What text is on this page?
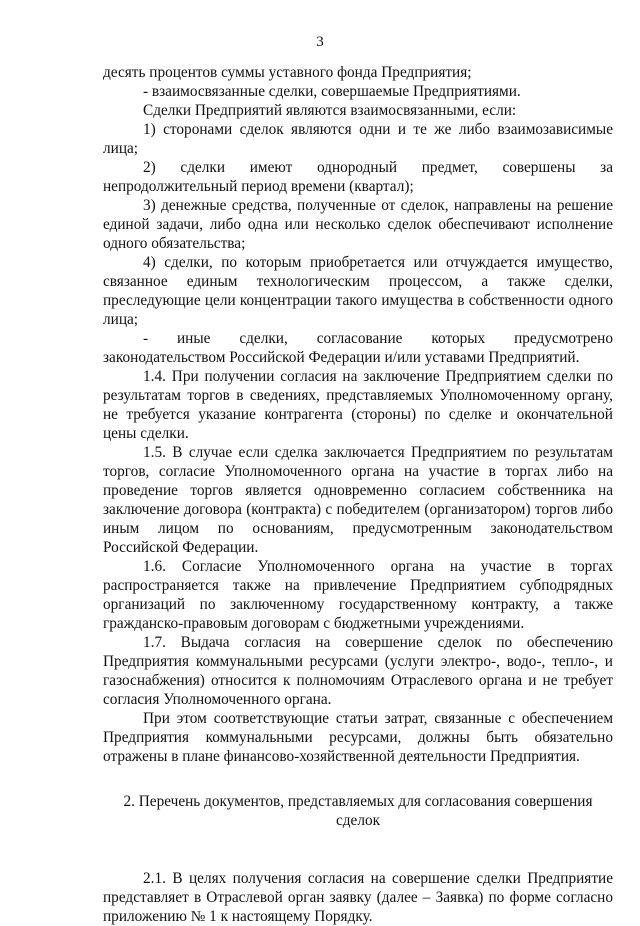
3

десять процентов суммы уставного фонда Предприятия;

- взаимосвязанные сделки, совершаемые Предприятиями.

Сделки Предприятий являются взаимосвязанными, если:

1) сторонами сделок являются одни и те же либо взаимозависимые лица;

2) сделки имеют однородный предмет, совершены за непродолжительный период времени (квартал);

3) денежные средства, полученные от сделок, направлены на решение единой задачи, либо одна или несколько сделок обеспечивают исполнение одного обязательства;

4) сделки, по которым приобретается или отчуждается имущество, связанное единым технологическим процессом, а также сделки, преследующие цели концентрации такого имущества в собственности одного лица;

- иные сделки, согласование которых предусмотрено законодательством Российской Федерации и/или уставами Предприятий.

1.4. При получении согласия на заключение Предприятием сделки по результатам торгов в сведениях, представляемых Уполномоченному органу, не требуется указание контрагента (стороны) по сделке и окончательной цены сделки.

1.5. В случае если сделка заключается Предприятием по результатам торгов, согласие Уполномоченного органа на участие в торгах либо на проведение торгов является одновременно согласием собственника на заключение договора (контракта) с победителем (организатором) торгов либо иным лицом по основаниям, предусмотренным законодательством Российской Федерации.

1.6. Согласие Уполномоченного органа на участие в торгах распространяется также на привлечение Предприятием субподрядных организаций по заключенному государственному контракту, а также гражданско-правовым договорам с бюджетными учреждениями.

1.7. Выдача согласия на совершение сделок по обеспечению Предприятия коммунальными ресурсами (услуги электро-, водо-, тепло-, и газоснабжения) относится к полномочиям Отраслевого органа и не требует согласия Уполномоченного органа.

При этом соответствующие статьи затрат, связанные с обеспечением Предприятия коммунальными ресурсами, должны быть обязательно отражены в плане финансово-хозяйственной деятельности Предприятия.

2. Перечень документов, представляемых для согласования совершения сделок

2.1. В целях получения согласия на совершение сделки Предприятие представляет в Отраслевой орган заявку (далее – Заявка) по форме согласно приложению № 1 к настоящему Порядку.
